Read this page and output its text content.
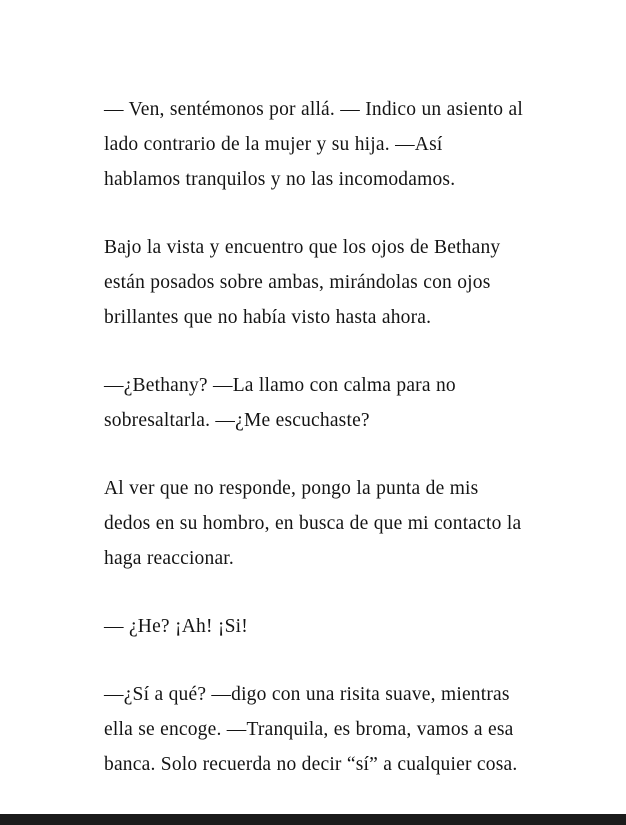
— Ven, sentémonos por allá. — Indico un asiento al lado contrario de la mujer y su hija. —Así hablamos tranquilos y no las incomodamos.

Bajo la vista y encuentro que los ojos de Bethany están posados sobre ambas, mirándolas con ojos brillantes que no había visto hasta ahora.

—¿Bethany? —La llamo con calma para no sobresaltarla. —¿Me escuchaste?

Al ver que no responde, pongo la punta de mis dedos en su hombro, en busca de que mi contacto la haga reaccionar.

— ¿He? ¡Ah! ¡Si!

—¿Sí a qué? —digo con una risita suave, mientras ella se encoge. —Tranquila, es broma, vamos a esa banca. Solo recuerda no decir “sí” a cualquier cosa.
